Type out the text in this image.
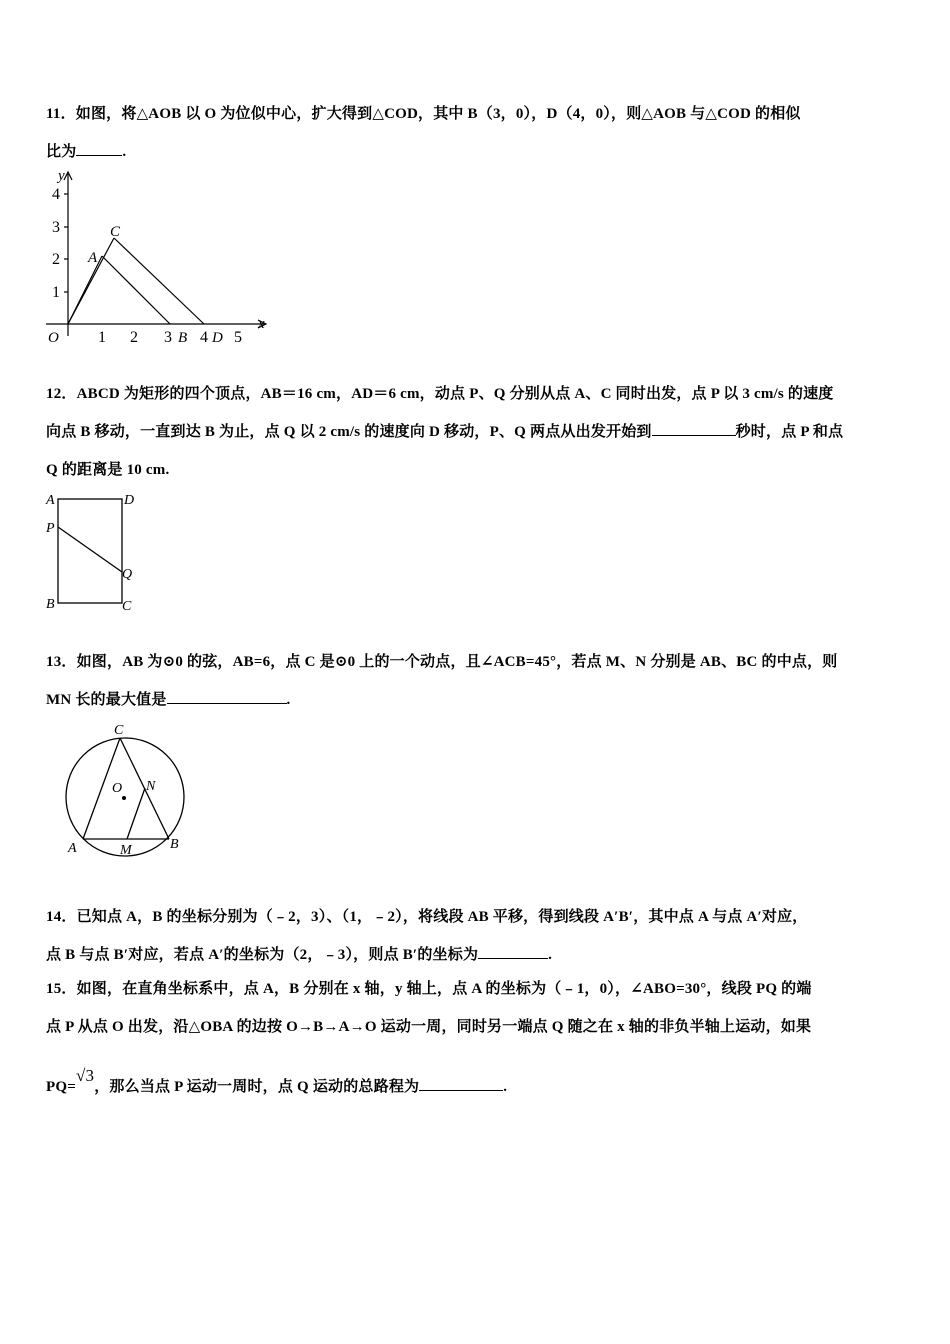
11．如图，将△AOB 以 O 为位似中心，扩大得到△COD，其中 B（3，0），D（4，0），则△AOB 与△COD 的相似
比为	.
y
x
O
A
C
B D
4
3
2
1
1 2 3 4 5
12．ABCD 为矩形的四个顶点，AB＝16 cm，AD＝6 cm，动点 P、Q 分别从点 A、C 同时出发，点 P 以 3 cm/s 的速度
向点 B 移动，一直到达 B 为止，点 Q 以 2 cm/s 的速度向 D 移动，P、Q 两点从出发开始到	秒时，点 P 和点
Q 的距离是 10 cm.
A	D
P
Q
B	C
13．如图，AB 为⊙0 的弦，AB=6，点 C 是⊙0 上的一个动点，且∠ACB=45°，若点 M、N 分别是 AB、BC 的中点，则
MN 长的最大值是	.
C
O N
A	M	B
14．已知点 A，B 的坐标分别为（﹣2，3）、（1，﹣2），将线段 AB 平移，得到线段 A′B′，其中点 A 与点 A′对应，
点 B 与点 B′对应，若点 A′的坐标为（2，﹣3），则点 B′的坐标为	.
15．如图，在直角坐标系中，点 A，B 分别在 x 轴，y 轴上，点 A 的坐标为（﹣1，0），∠ABO=30°，线段 PQ 的端
点 P 从点 O 出发，沿△OBA 的边按 O→B→A→O 运动一周，同时另一端点 Q 随之在 x 轴的非负半轴上运动，如果
PQ=√3，那么当点 P 运动一周时，点 Q 运动的总路程为	.
